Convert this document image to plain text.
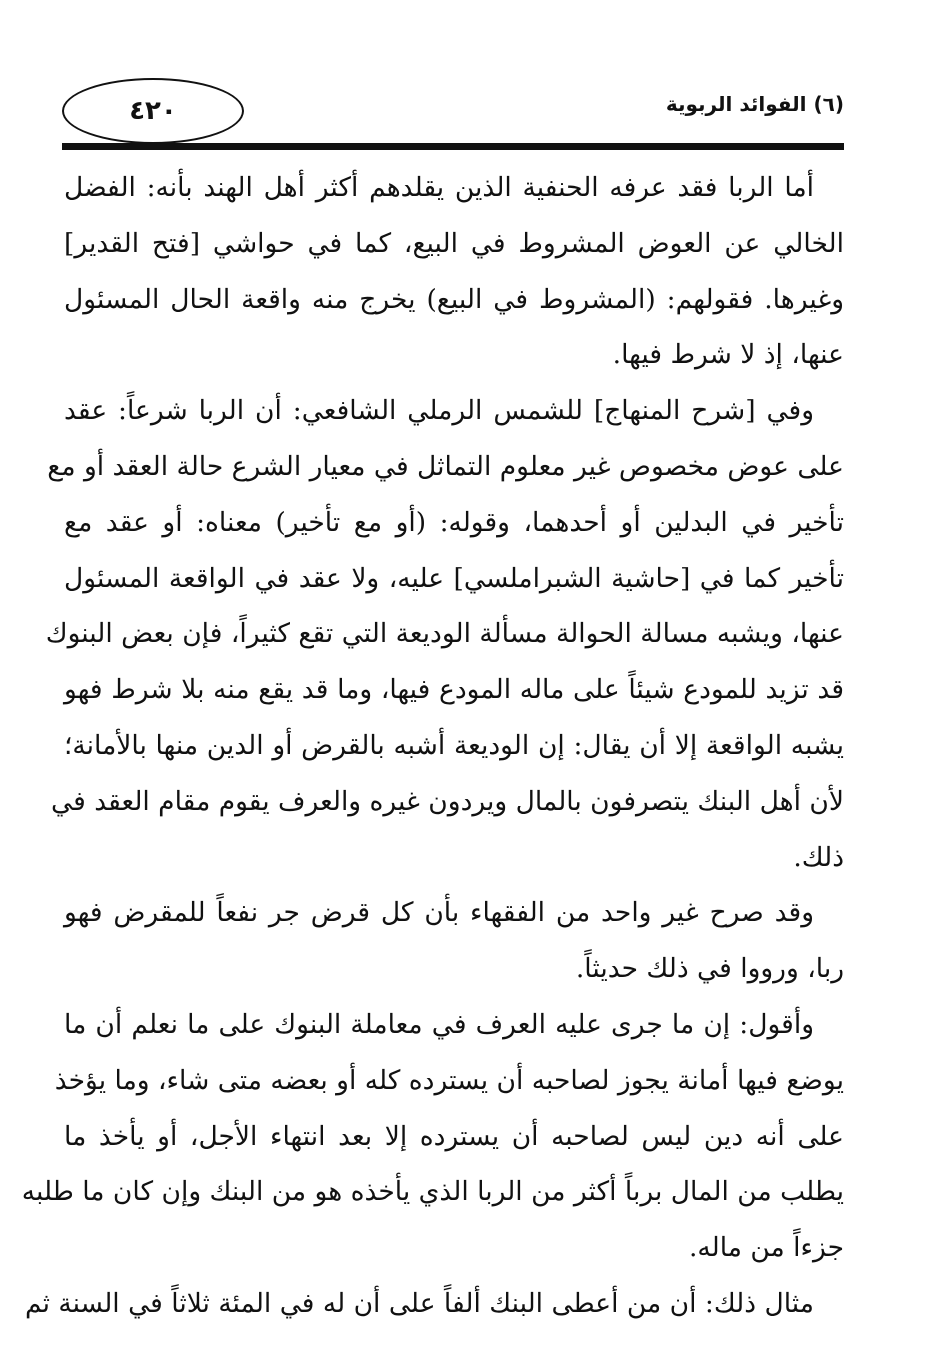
٤٢٠	(٦) الفوائد الربوية
أما الربا فقد عرفه الحنفية الذين يقلدهم أكثر أهل الهند بأنه: الفضل
الخالي عن العوض المشروط في البيع، كما في حواشي [فتح القدير]
وغيرها. فقولهم: (المشروط في البيع) يخرج منه واقعة الحال المسئول
عنها، إذ لا شرط فيها.
وفي [شرح المنهاج] للشمس الرملي الشافعي: أن الربا شرعاً: عقد
على عوض مخصوص غير معلوم التماثل في معيار الشرع حالة العقد أو مع
تأخير في البدلين أو أحدهما، وقوله: (أو مع تأخير) معناه: أو عقد مع
تأخير كما في [حاشية الشبراملسي] عليه، ولا عقد في الواقعة المسئول
عنها، ويشبه مسالة الحوالة مسألة الوديعة التي تقع كثيراً، فإن بعض البنوك
قد تزيد للمودع شيئاً على ماله المودع فيها، وما قد يقع منه بلا شرط فهو
يشبه الواقعة إلا أن يقال: إن الوديعة أشبه بالقرض أو الدين منها بالأمانة؛
لأن أهل البنك يتصرفون بالمال ويردون غيره والعرف يقوم مقام العقد في
ذلك.
وقد صرح غير واحد من الفقهاء بأن كل قرض جر نفعاً للمقرض فهو
ربا، ورووا في ذلك حديثاً.
وأقول: إن ما جرى عليه العرف في معاملة البنوك على ما نعلم أن ما
يوضع فيها أمانة يجوز لصاحبه أن يسترده كله أو بعضه متى شاء، وما يؤخذ
على أنه دين ليس لصاحبه أن يسترده إلا بعد انتهاء الأجل، أو يأخذ ما
يطلب من المال برباً أكثر من الربا الذي يأخذه هو من البنك وإن كان ما طلبه
جزءاً من ماله.
مثال ذلك: أن من أعطى البنك ألفاً على أن له في المئة ثلاثاً في السنة ثم
